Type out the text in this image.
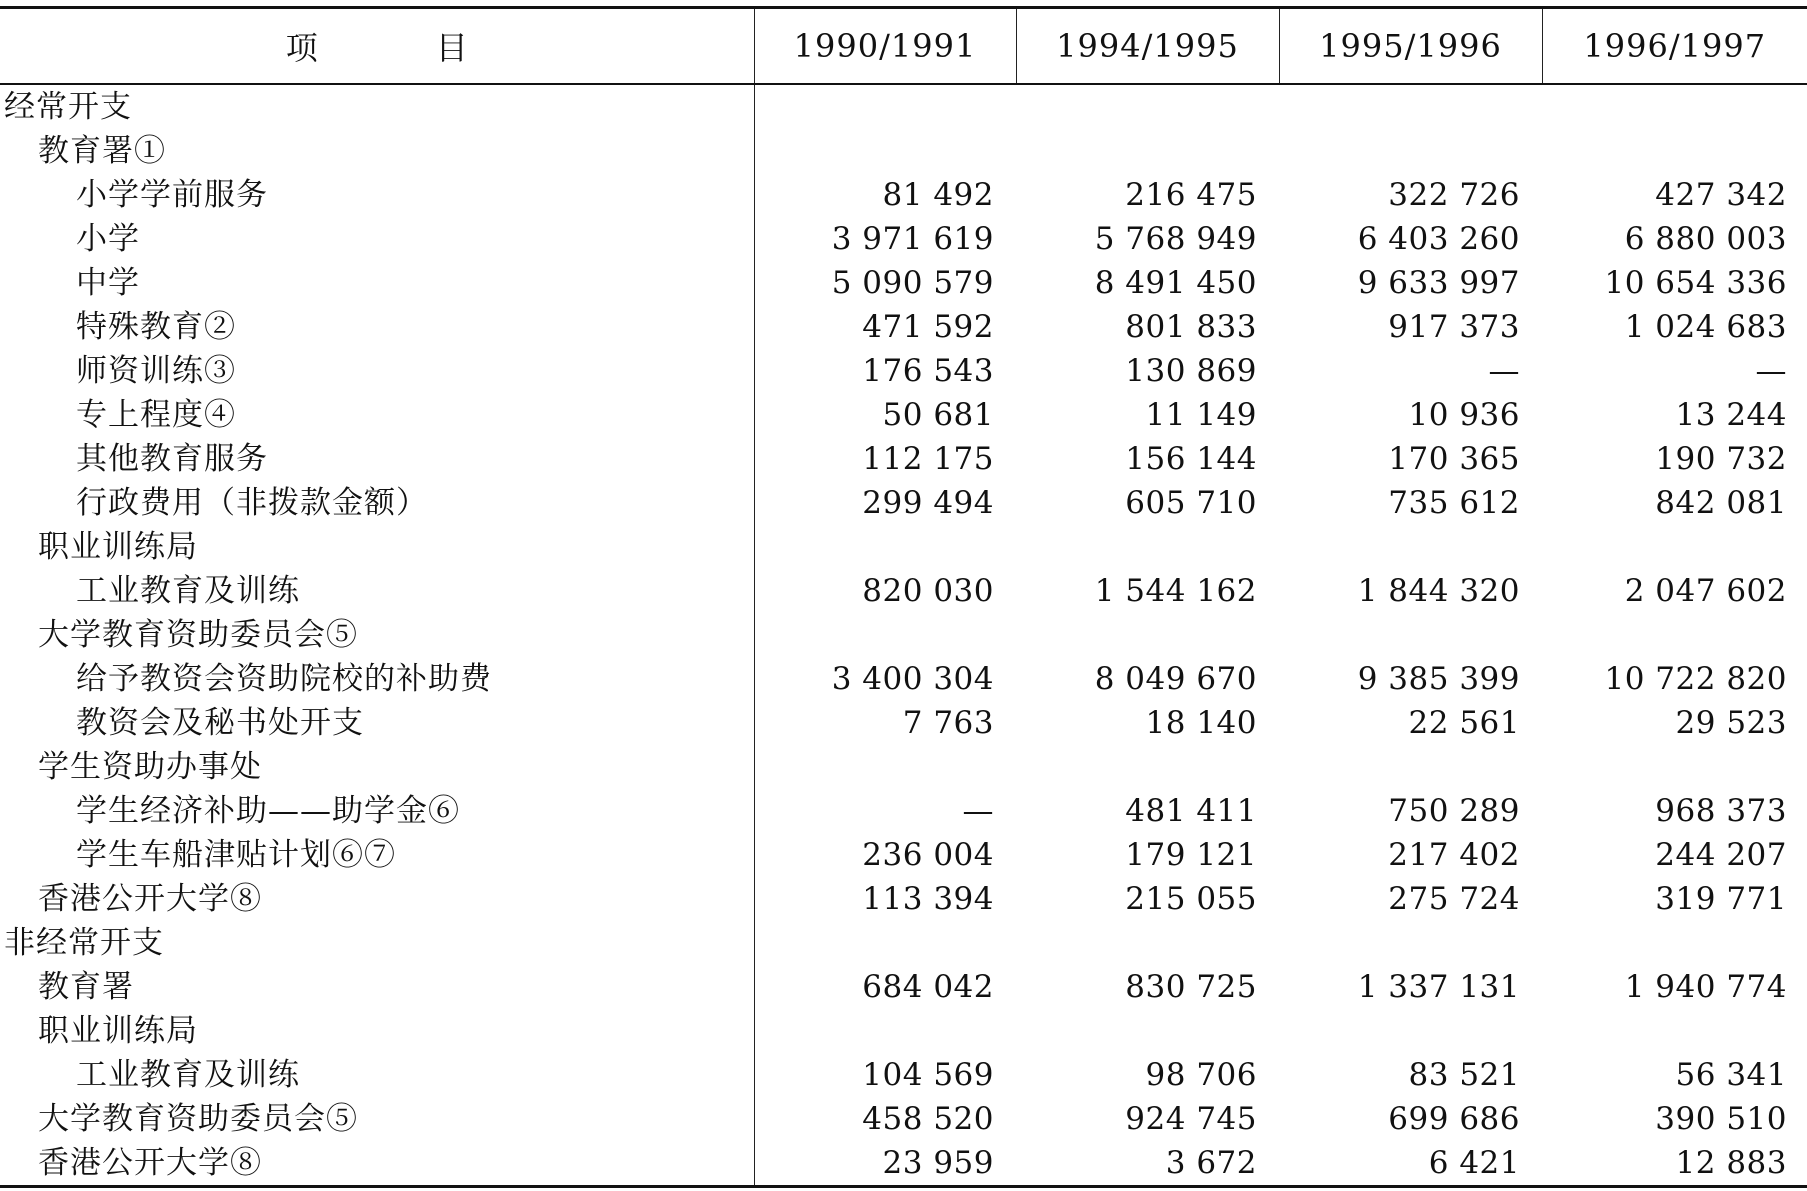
项 目	1990/1991	1994/1995	1995/1996	1996/1997
经常开支				
教育署①				
小学学前服务	81 492	216 475	322 726	427 342
小学	3 971 619	5 768 949	6 403 260	6 880 003
中学	5 090 579	8 491 450	9 633 997	10 654 336
特殊教育②	471 592	801 833	917 373	1 024 683
师资训练③	176 543	130 869	—	—
专上程度④	50 681	11 149	10 936	13 244
其他教育服务	112 175	156 144	170 365	190 732
行政费用（非拨款金额）	299 494	605 710	735 612	842 081
职业训练局				
工业教育及训练	820 030	1 544 162	1 844 320	2 047 602
大学教育资助委员会⑤				
给予教资会资助院校的补助费	3 400 304	8 049 670	9 385 399	10 722 820
教资会及秘书处开支	7 763	18 140	22 561	29 523
学生资助办事处				
学生经济补助——助学金⑥	—	481 411	750 289	968 373
学生车船津贴计划⑥⑦	236 004	179 121	217 402	244 207
香港公开大学⑧	113 394	215 055	275 724	319 771
非经常开支				
教育署	684 042	830 725	1 337 131	1 940 774
职业训练局				
工业教育及训练	104 569	98 706	83 521	56 341
大学教育资助委员会⑤	458 520	924 745	699 686	390 510
香港公开大学⑧	23 959	3 672	6 421	12 883
